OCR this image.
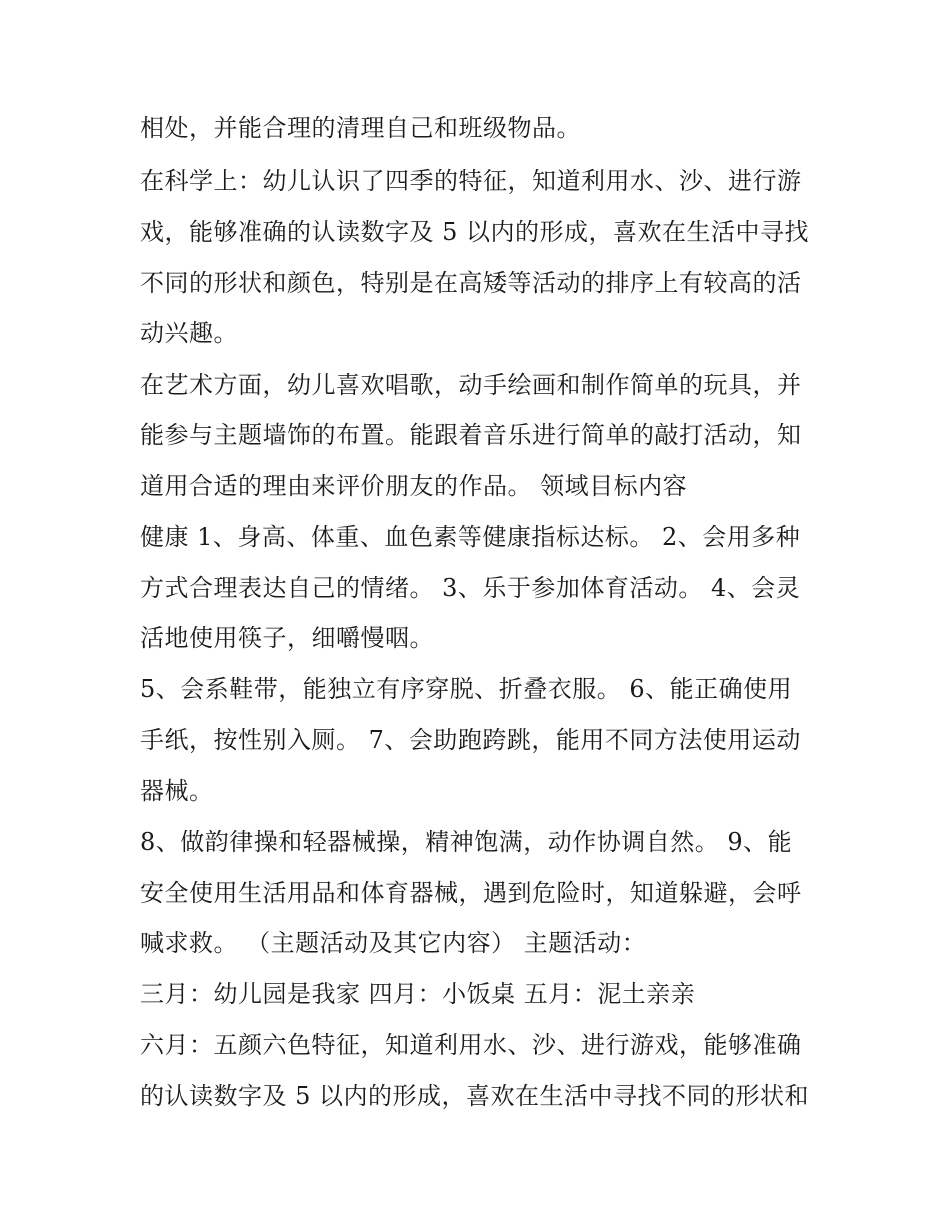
相处，并能合理的清理自己和班级物品。
在科学上：幼儿认识了四季的特征，知道利用水、沙、进行游
戏，能够准确的认读数字及 5 以内的形成，喜欢在生活中寻找
不同的形状和颜色，特别是在高矮等活动的排序上有较高的活
动兴趣。
在艺术方面，幼儿喜欢唱歌，动手绘画和制作简单的玩具，并
能参与主题墙饰的布置。能跟着音乐进行简单的敲打活动，知
道用合适的理由来评价朋友的作品。 领域目标内容
健康 1、身高、体重、血色素等健康指标达标。 2、会用多种
方式合理表达自己的情绪。 3、乐于参加体育活动。 4、会灵
活地使用筷子，细嚼慢咽。
5、会系鞋带，能独立有序穿脱、折叠衣服。 6、能正确使用
手纸，按性别入厕。 7、会助跑跨跳，能用不同方法使用运动
器械。
8、做韵律操和轻器械操，精神饱满，动作协调自然。 9、能
安全使用生活用品和体育器械，遇到危险时，知道躲避，会呼
喊求救。 （主题活动及其它内容） 主题活动：
三月：幼儿园是我家 四月：小饭桌 五月：泥土亲亲
六月：五颜六色特征，知道利用水、沙、进行游戏，能够准确
的认读数字及 5 以内的形成，喜欢在生活中寻找不同的形状和
